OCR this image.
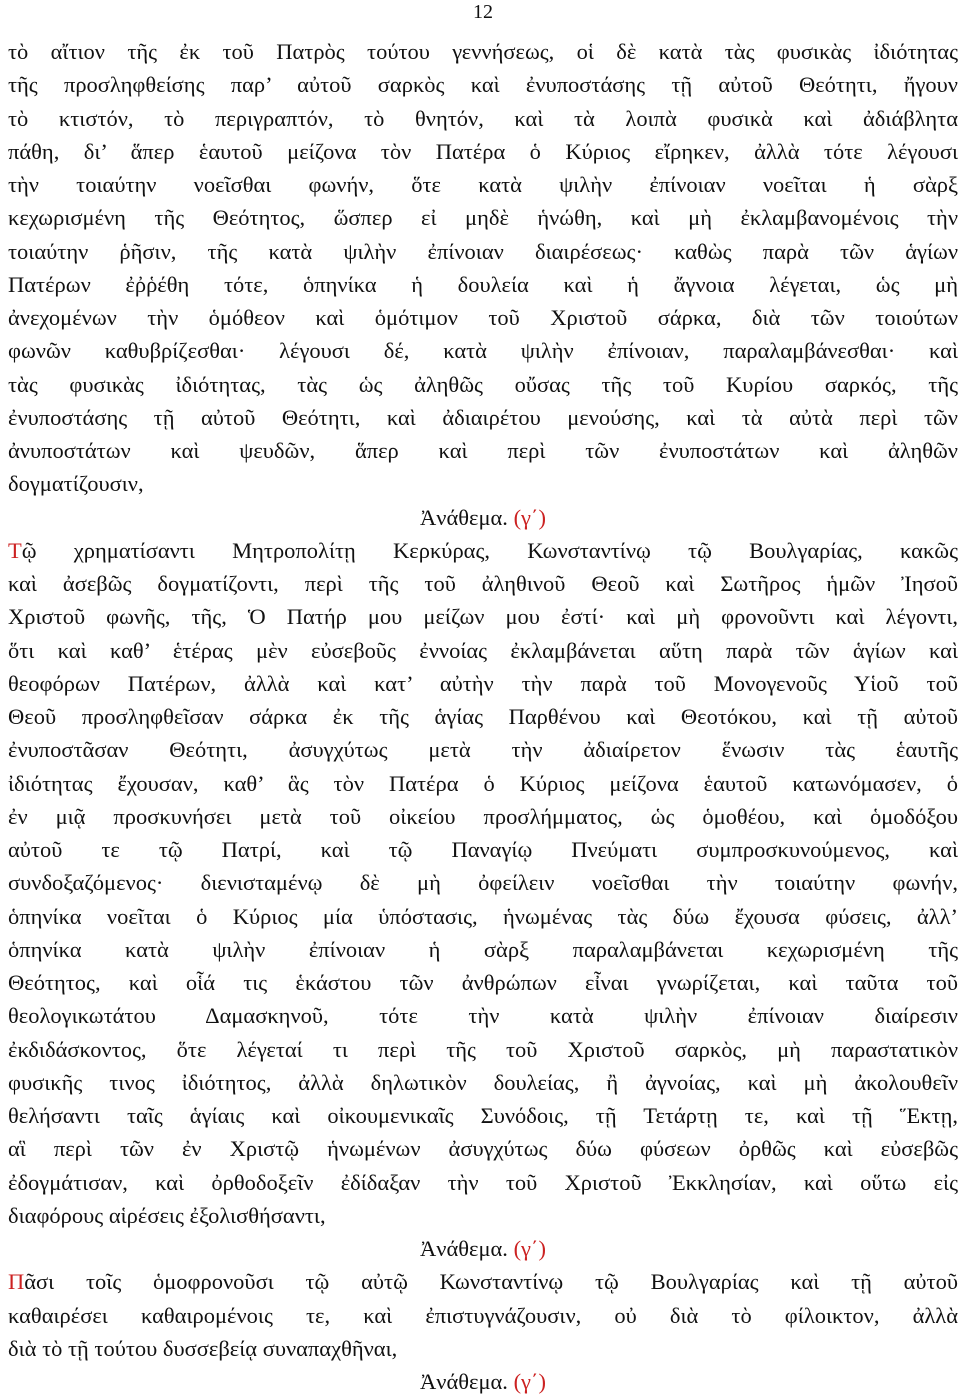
12
τὸ αἴτιον τῆς ἐκ τοῦ Πατρὸς τούτου γεννήσεως, οἱ δὲ κατὰ τὰς φυσικὰς ἰδιότητας
τῆς προσληφθείσης παρ’ αὐτοῦ σαρκὸς καὶ ἐνυποστάσης τῇ αὐτοῦ Θεότητι, ἤγουν
τὸ κτιστόν, τὸ περιγραπτόν, τὸ θνητόν, καὶ τὰ λοιπὰ φυσικὰ καὶ ἀδιάβλητα
πάθη, δι’ ἅπερ ἑαυτοῦ μείζονα τὸν Πατέρα ὁ Κύριος εἴρηκεν, ἀλλὰ τότε λέγουσι
τὴν τοιαύτην νοεῖσθαι φωνήν, ὅτε κατὰ ψιλὴν ἐπίνοιαν νοεῖται ἡ σὰρξ
κεχωρισμένη τῆς Θεότητος, ὥσπερ εἰ μηδὲ ἡνώθη, καὶ μὴ ἐκλαμβανομένοις τὴν
τοιαύτην ῥῆσιν, τῆς κατὰ ψιλὴν ἐπίνοιαν διαιρέσεως· καθὼς παρὰ τῶν ἁγίων
Πατέρων ἐῤῥέθη τότε, ὁπηνίκα ἡ δουλεία καὶ ἡ ἄγνοια λέγεται, ὡς μὴ
ἀνεχομένων τὴν ὁμόθεον καὶ ὁμότιμον τοῦ Χριστοῦ σάρκα, διὰ τῶν τοιούτων
φωνῶν καθυβρίζεσθαι· λέγουσι δέ, κατὰ ψιλὴν ἐπίνοιαν, παραλαμβάνεσθαι· καὶ
τὰς φυσικὰς ἰδιότητας, τὰς ὡς ἀληθῶς οὔσας τῆς τοῦ Κυρίου σαρκός, τῆς
ἐνυποστάσης τῇ αὐτοῦ Θεότητι, καὶ ἀδιαιρέτου μενούσης, καὶ τὰ αὐτὰ περὶ τῶν
ἀνυποστάτων καὶ ψευδῶν, ἅπερ καὶ περὶ τῶν ἐνυποστάτων καὶ ἀληθῶν
δογματίζουσιν,
Ἀνάθεμα. (γ΄)
Τῷ χρηματίσαντι Μητροπολίτῃ Κερκύρας, Κωνσταντίνῳ τῷ Βουλγαρίας, κακῶς
καὶ ἀσεβῶς δογματίζοντι, περὶ τῆς τοῦ ἀληθινοῦ Θεοῦ καὶ Σωτῆρος ἡμῶν Ἰησοῦ
Χριστοῦ φωνῆς, τῆς, Ὁ Πατήρ μου μείζων μου ἐστί· καὶ μὴ φρονοῦντι καὶ λέγοντι,
ὅτι καὶ καθ’ ἑτέρας μὲν εὐσεβοῦς ἐννοίας ἐκλαμβάνεται αὕτη παρὰ τῶν ἁγίων καὶ
θεοφόρων Πατέρων, ἀλλὰ καὶ κατ’ αὐτὴν τὴν παρὰ τοῦ Μονογενοῦς Υἱοῦ τοῦ
Θεοῦ προσληφθεῖσαν σάρκα ἐκ τῆς ἁγίας Παρθένου καὶ Θεοτόκου, καὶ τῇ αὐτοῦ
ἐνυποστᾶσαν Θεότητι, ἀσυγχύτως μετὰ τὴν ἀδιαίρετον ἕνωσιν τὰς ἑαυτῆς
ἰδιότητας ἔχουσαν, καθ’ ἃς τὸν Πατέρα ὁ Κύριος μείζονα ἑαυτοῦ κατωνόμασεν, ὁ
ἐν μιᾷ προσκυνήσει μετὰ τοῦ οἰκείου προσλήμματος, ὡς ὁμοθέου, καὶ ὁμοδόξου
αὐτοῦ τε τῷ Πατρί, καὶ τῷ Παναγίῳ Πνεύματι συμπροσκυνούμενος, καὶ
συνδοξαζόμενος· διενισταμένῳ δὲ μὴ ὀφείλειν νοεῖσθαι τὴν τοιαύτην φωνήν,
ὁπηνίκα νοεῖται ὁ Κύριος μία ὑπόστασις, ἡνωμένας τὰς δύω ἔχουσα φύσεις, ἀλλ’
ὁπηνίκα κατὰ ψιλὴν ἐπίνοιαν ἡ σὰρξ παραλαμβάνεται κεχωρισμένη τῆς
Θεότητος, καὶ οἷά τις ἑκάστου τῶν ἀνθρώπων εἶναι γνωρίζεται, καὶ ταῦτα τοῦ
θεολογικωτάτου Δαμασκηνοῦ, τότε τὴν κατὰ ψιλὴν ἐπίνοιαν διαίρεσιν
ἐκδιδάσκοντος, ὅτε λέγεταί τι περὶ τῆς τοῦ Χριστοῦ σαρκὸς, μὴ παραστατικὸν
φυσικῆς τινος ἰδιότητος, ἀλλὰ δηλωτικὸν δουλείας, ἢ ἀγνοίας, καὶ μὴ ἀκολουθεῖν
θελήσαντι ταῖς ἁγίαις καὶ οἰκουμενικαῖς Συνόδοις, τῇ Τετάρτῃ τε, καὶ τῇ Ἕκτῃ,
αἳ περὶ τῶν ἐν Χριστῷ ἡνωμένων ἀσυγχύτως δύω φύσεων ὀρθῶς καὶ εὐσεβῶς
ἐδογμάτισαν, καὶ ὀρθοδοξεῖν ἐδίδαξαν τὴν τοῦ Χριστοῦ Ἐκκλησίαν, καὶ οὕτω εἰς
διαφόρους αἱρέσεις ἐξολισθήσαντι,
Ἀνάθεμα. (γ΄)
Πᾶσι τοῖς ὁμοφρονοῦσι τῷ αὐτῷ Κωνσταντίνῳ τῷ Βουλγαρίας καὶ τῇ αὐτοῦ
καθαιρέσει καθαιρομένοις τε, καὶ ἐπιστυγνάζουσιν, οὐ διὰ τὸ φίλοικτον, ἀλλὰ
διὰ τὸ τῇ τούτου δυσσεβείᾳ συναπαχθῆναι,
Ἀνάθεμα. (γ΄)
